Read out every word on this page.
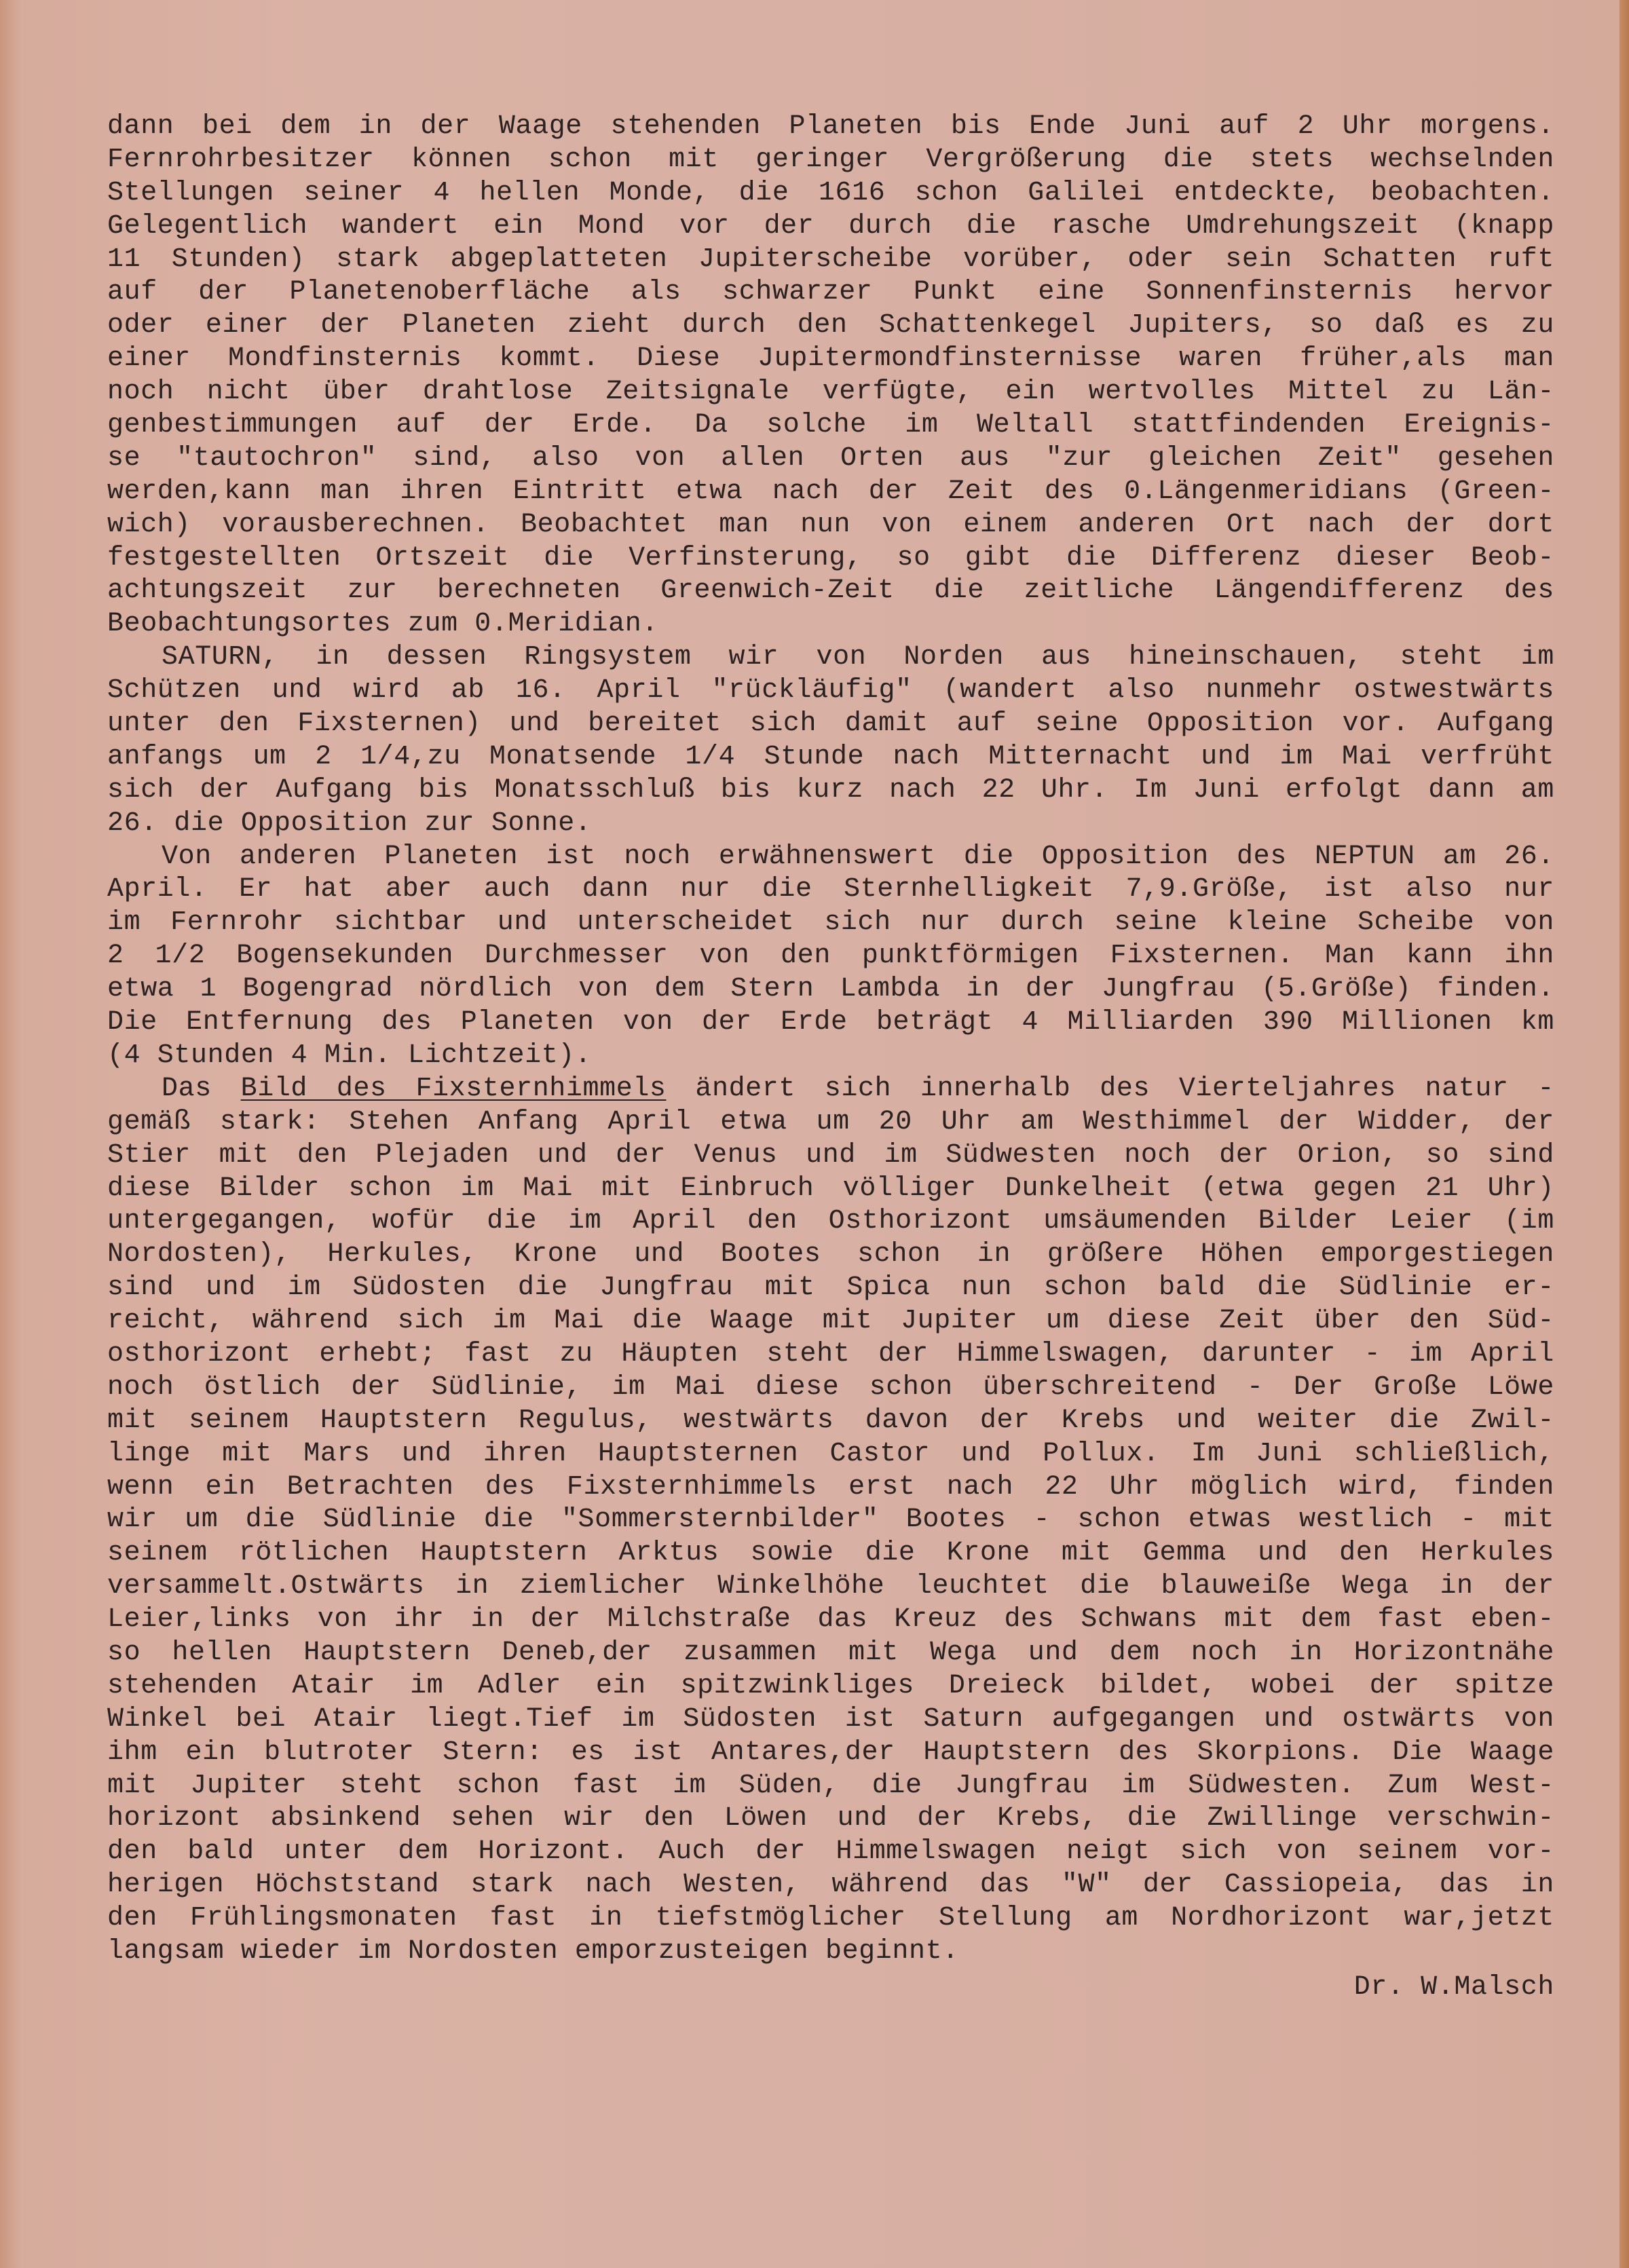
dann bei dem in der Waage stehenden Planeten bis Ende Juni auf 2 Uhr morgens.
Fernrohrbesitzer können schon mit geringer Vergrößerung die stets wechselnden
Stellungen seiner 4 hellen Monde, die 1616 schon Galilei entdeckte, beobachten.
Gelegentlich wandert ein Mond vor der durch die rasche Umdrehungszeit (knapp
11 Stunden) stark abgeplatteten Jupiterscheibe vorüber, oder sein Schatten ruft
auf der Planetenoberfläche als schwarzer Punkt eine Sonnenfinsternis hervor
oder einer der Planeten zieht durch den Schattenkegel Jupiters, so daß es zu
einer Mondfinsternis kommt. Diese Jupitermondfinsternisse waren früher,als man
noch nicht über drahtlose Zeitsignale verfügte, ein wertvolles Mittel zu Län-
genbestimmungen auf der Erde. Da solche im Weltall stattfindenden Ereignis-
se "tautochron" sind, also von allen Orten aus "zur gleichen Zeit" gesehen
werden,kann man ihren Eintritt etwa nach der Zeit des 0.Längenmeridians (Green-
wich) vorausberechnen. Beobachtet man nun von einem anderen Ort nach der dort
festgestellten Ortszeit die Verfinsterung, so gibt die Differenz dieser Beob-
achtungszeit zur berechneten Greenwich-Zeit die zeitliche Längendifferenz des
Beobachtungsortes zum 0.Meridian.
SATURN, in dessen Ringsystem wir von Norden aus hineinschauen, steht im
Schützen und wird ab 16. April "rückläufig" (wandert also nunmehr ostwestwärts
unter den Fixsternen) und bereitet sich damit auf seine Opposition vor. Aufgang
anfangs um 2 1/4,zu Monatsende 1/4 Stunde nach Mitternacht und im Mai verfrüht
sich der Aufgang bis Monatsschluß bis kurz nach 22 Uhr. Im Juni erfolgt dann am
26. die Opposition zur Sonne.
Von anderen Planeten ist noch erwähnenswert die Opposition des NEPTUN am 26.
April. Er hat aber auch dann nur die Sternhelligkeit 7,9.Größe, ist also nur
im Fernrohr sichtbar und unterscheidet sich nur durch seine kleine Scheibe von
2 1/2 Bogensekunden Durchmesser von den punktförmigen Fixsternen. Man kann ihn
etwa 1 Bogengrad nördlich von dem Stern Lambda in der Jungfrau (5.Größe) finden.
Die Entfernung des Planeten von der Erde beträgt 4 Milliarden 390 Millionen km
(4 Stunden 4 Min. Lichtzeit).
Das Bild des Fixsternhimmels ändert sich innerhalb des Vierteljahres natur -
gemäß stark: Stehen Anfang April etwa um 20 Uhr am Westhimmel der Widder, der
Stier mit den Plejaden und der Venus und im Südwesten noch der Orion, so sind
diese Bilder schon im Mai mit Einbruch völliger Dunkelheit (etwa gegen 21 Uhr)
untergegangen, wofür die im April den Osthorizont umsäumenden Bilder Leier (im
Nordosten), Herkules, Krone und Bootes schon in größere Höhen emporgestiegen
sind und im Südosten die Jungfrau mit Spica nun schon bald die Südlinie er-
reicht, während sich im Mai die Waage mit Jupiter um diese Zeit über den Süd-
osthorizont erhebt; fast zu Häupten steht der Himmelswagen, darunter - im April
noch östlich der Südlinie, im Mai diese schon überschreitend - Der Große Löwe
mit seinem Hauptstern Regulus, westwärts davon der Krebs und weiter die Zwil-
linge mit Mars und ihren Hauptsternen Castor und Pollux. Im Juni schließlich,
wenn ein Betrachten des Fixsternhimmels erst nach 22 Uhr möglich wird, finden
wir um die Südlinie die "Sommersternbilder" Bootes - schon etwas westlich - mit
seinem rötlichen Hauptstern Arktus sowie die Krone mit Gemma und den Herkules
versammelt.Ostwärts in ziemlicher Winkelhöhe leuchtet die blauweiße Wega in der
Leier,links von ihr in der Milchstraße das Kreuz des Schwans mit dem fast eben-
so hellen Hauptstern Deneb,der zusammen mit Wega und dem noch in Horizontnähe
stehenden Atair im Adler ein spitzwinkliges Dreieck bildet, wobei der spitze
Winkel bei Atair liegt.Tief im Südosten ist Saturn aufgegangen und ostwärts von
ihm ein blutroter Stern: es ist Antares,der Hauptstern des Skorpions. Die Waage
mit Jupiter steht schon fast im Süden, die Jungfrau im Südwesten. Zum West-
horizont absinkend sehen wir den Löwen und der Krebs, die Zwillinge verschwin-
den bald unter dem Horizont. Auch der Himmelswagen neigt sich von seinem vor-
herigen Höchststand stark nach Westen, während das "W" der Cassiopeia, das in
den Frühlingsmonaten fast in tiefstmöglicher Stellung am Nordhorizont war,jetzt
langsam wieder im Nordosten emporzusteigen beginnt.
Dr. W.Malsch
